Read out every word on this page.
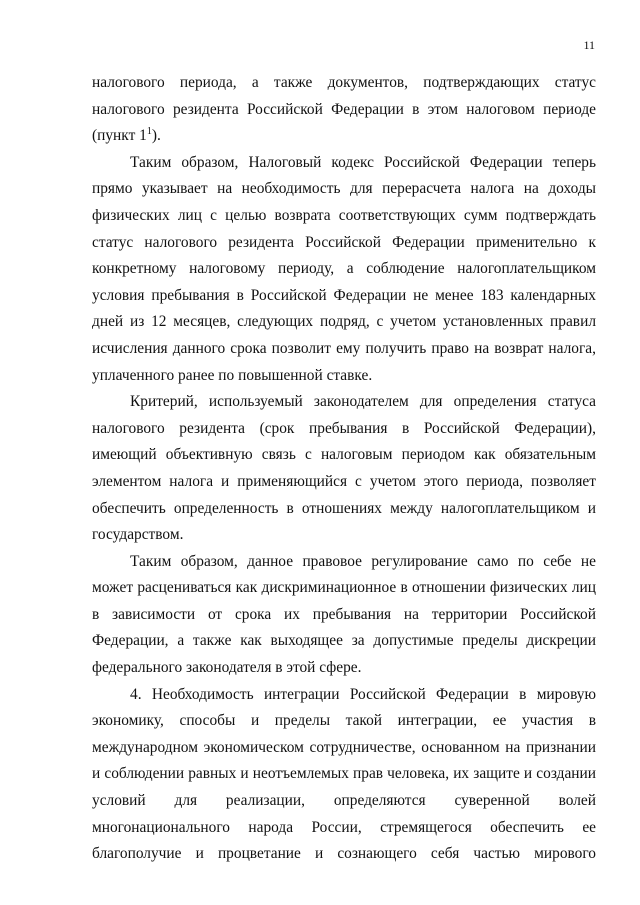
11

налогового периода, а также документов, подтверждающих статус налогового резидента Российской Федерации в этом налоговом периоде (пункт $1^1$).

Таким образом, Налоговый кодекс Российской Федерации теперь прямо указывает на необходимость для перерасчета налога на доходы физических лиц с целью возврата соответствующих сумм подтверждать статус налогового резидента Российской Федерации применительно к конкретному налоговому периоду, а соблюдение налогоплательщиком условия пребывания в Российской Федерации не менее 183 календарных дней из 12 месяцев, следующих подряд, с учетом установленных правил исчисления данного срока позволит ему получить право на возврат налога, уплаченного ранее по повышенной ставке.

Критерий, используемый законодателем для определения статуса налогового резидента (срок пребывания в Российской Федерации), имеющий объективную связь с налоговым периодом как обязательным элементом налога и применяющийся с учетом этого периода, позволяет обеспечить определенность в отношениях между налогоплательщиком и государством.

Таким образом, данное правовое регулирование само по себе не может расцениваться как дискриминационное в отношении физических лиц в зависимости от срока их пребывания на территории Российской Федерации, а также как выходящее за допустимые пределы дискреции федерального законодателя в этой сфере.

4. Необходимость интеграции Российской Федерации в мировую экономику, способы и пределы такой интеграции, ее участия в международном экономическом сотрудничестве, основанном на признании и соблюдении равных и неотъемлемых прав человека, их защите и создании условий для реализации, определяются суверенной волей многонационального народа России, стремящегося обеспечить ее благополучие и процветание и сознающего себя частью мирового
